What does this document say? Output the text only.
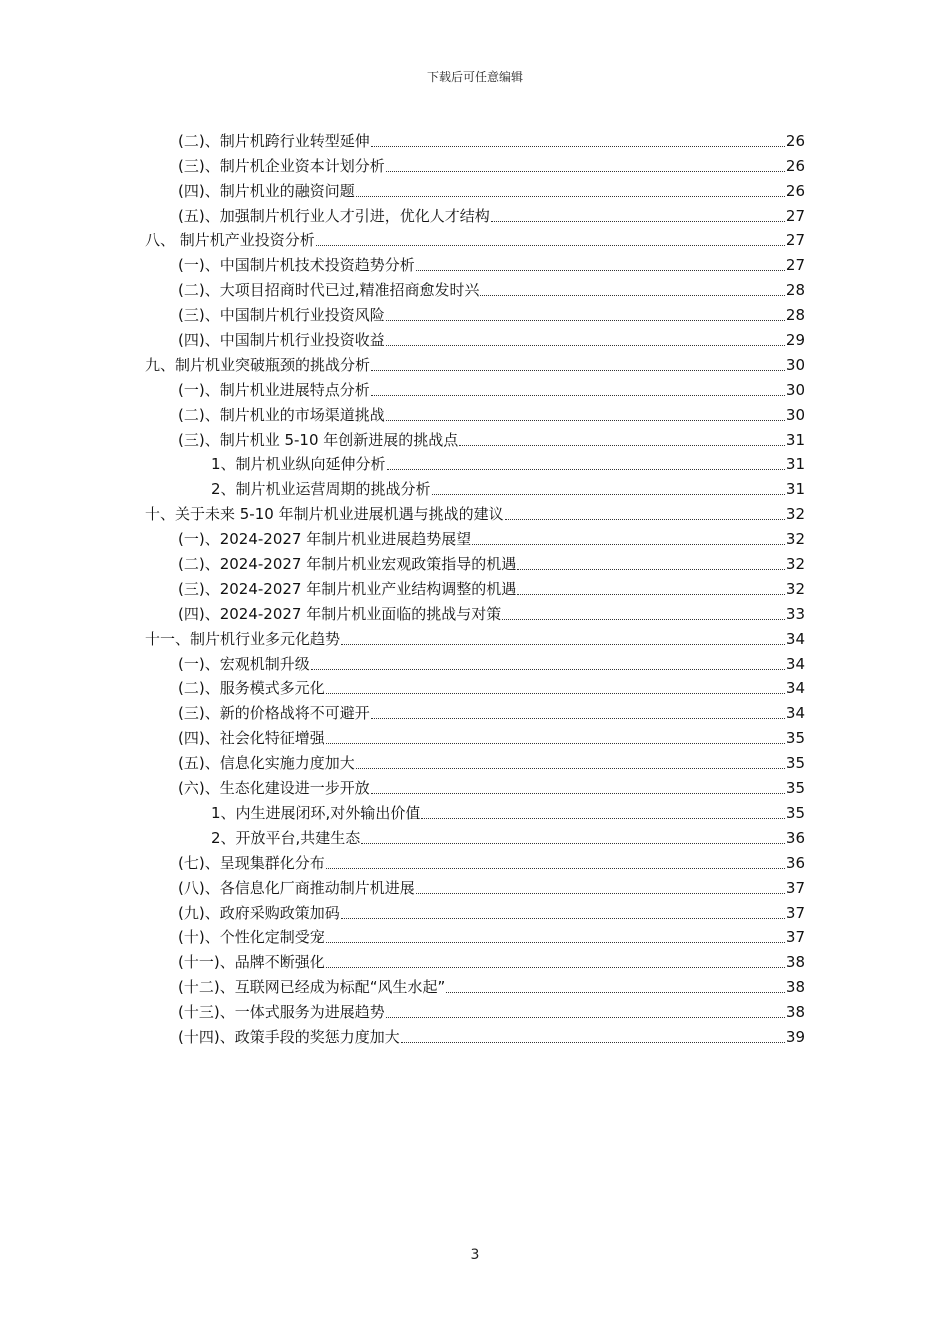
下载后可任意编辑
(二)、制片机跨行业转型延伸	26
(三)、制片机企业资本计划分析	26
(四)、制片机业的融资问题	26
(五)、加强制片机行业人才引进，优化人才结构	27
八、 制片机产业投资分析	27
(一)、中国制片机技术投资趋势分析	27
(二)、大项目招商时代已过,精准招商愈发时兴	28
(三)、中国制片机行业投资风险	28
(四)、中国制片机行业投资收益	29
九、制片机业突破瓶颈的挑战分析	30
(一)、制片机业进展特点分析	30
(二)、制片机业的市场渠道挑战	30
(三)、制片机业 5-10 年创新进展的挑战点	31
1、制片机业纵向延伸分析	31
2、制片机业运营周期的挑战分析	31
十、关于未来 5-10 年制片机业进展机遇与挑战的建议	32
(一)、2024-2027 年制片机业进展趋势展望	32
(二)、2024-2027 年制片机业宏观政策指导的机遇	32
(三)、2024-2027 年制片机业产业结构调整的机遇	32
(四)、2024-2027 年制片机业面临的挑战与对策	33
十一、制片机行业多元化趋势	34
(一)、宏观机制升级	34
(二)、服务模式多元化	34
(三)、新的价格战将不可避开	34
(四)、社会化特征增强	35
(五)、信息化实施力度加大	35
(六)、生态化建设进一步开放	35
1、内生进展闭环,对外输出价值	35
2、开放平台,共建生态	36
(七)、呈现集群化分布	36
(八)、各信息化厂商推动制片机进展	37
(九)、政府采购政策加码	37
(十)、个性化定制受宠	37
(十一)、品牌不断强化	38
(十二)、互联网已经成为标配“风生水起”	38
(十三)、一体式服务为进展趋势	38
(十四)、政策手段的奖惩力度加大	39
3
